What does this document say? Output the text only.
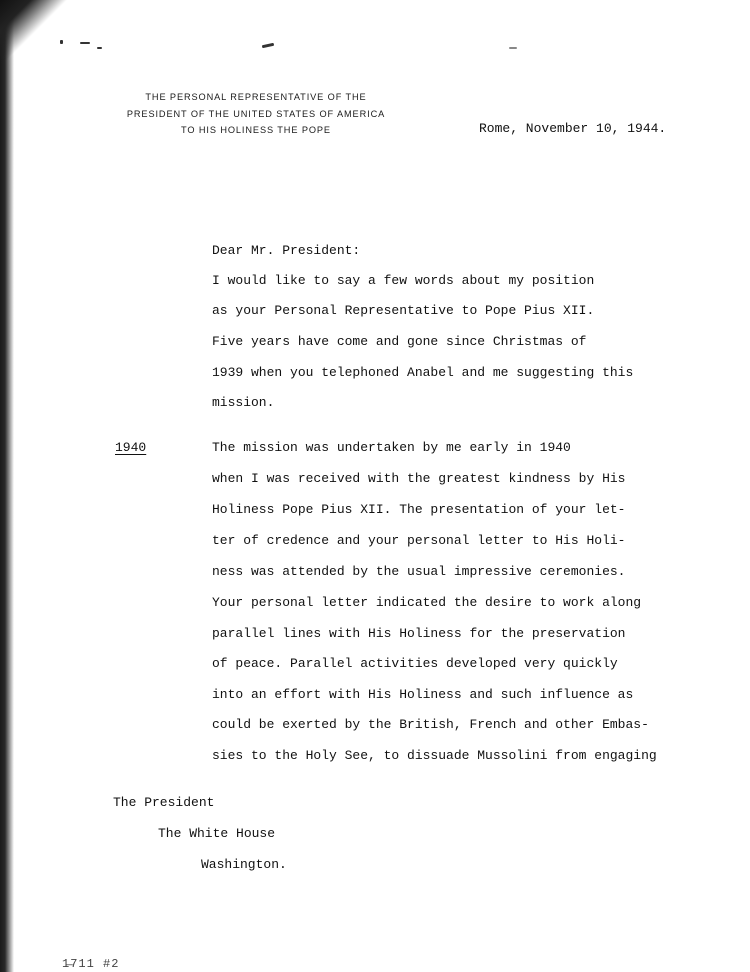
THE PERSONAL REPRESENTATIVE OF THE
PRESIDENT OF THE UNITED STATES OF AMERICA
TO HIS HOLINESS THE POPE	Rome, November 10, 1944.
Dear Mr. President:
1940
I would like to say a few words about my position
as your Personal Representative to Pope Pius XII.
Five years have come and gone since Christmas of
1939 when you telephoned Anabel and me suggesting this
mission.
The mission was undertaken by me early in 1940
when I was received with the greatest kindness by His
Holiness Pope Pius XII. The presentation of your let-
ter of credence and your personal letter to His Holi-
ness was attended by the usual impressive ceremonies.
Your personal letter indicated the desire to work along
parallel lines with His Holiness for the preservation
of peace. Parallel activities developed very quickly
into an effort with His Holiness and such influence as
could be exerted by the British, French and other Embas-
sies to the Holy See, to dissuade Mussolini from engaging
The President
The White House
Washington.
1̶711 #2
